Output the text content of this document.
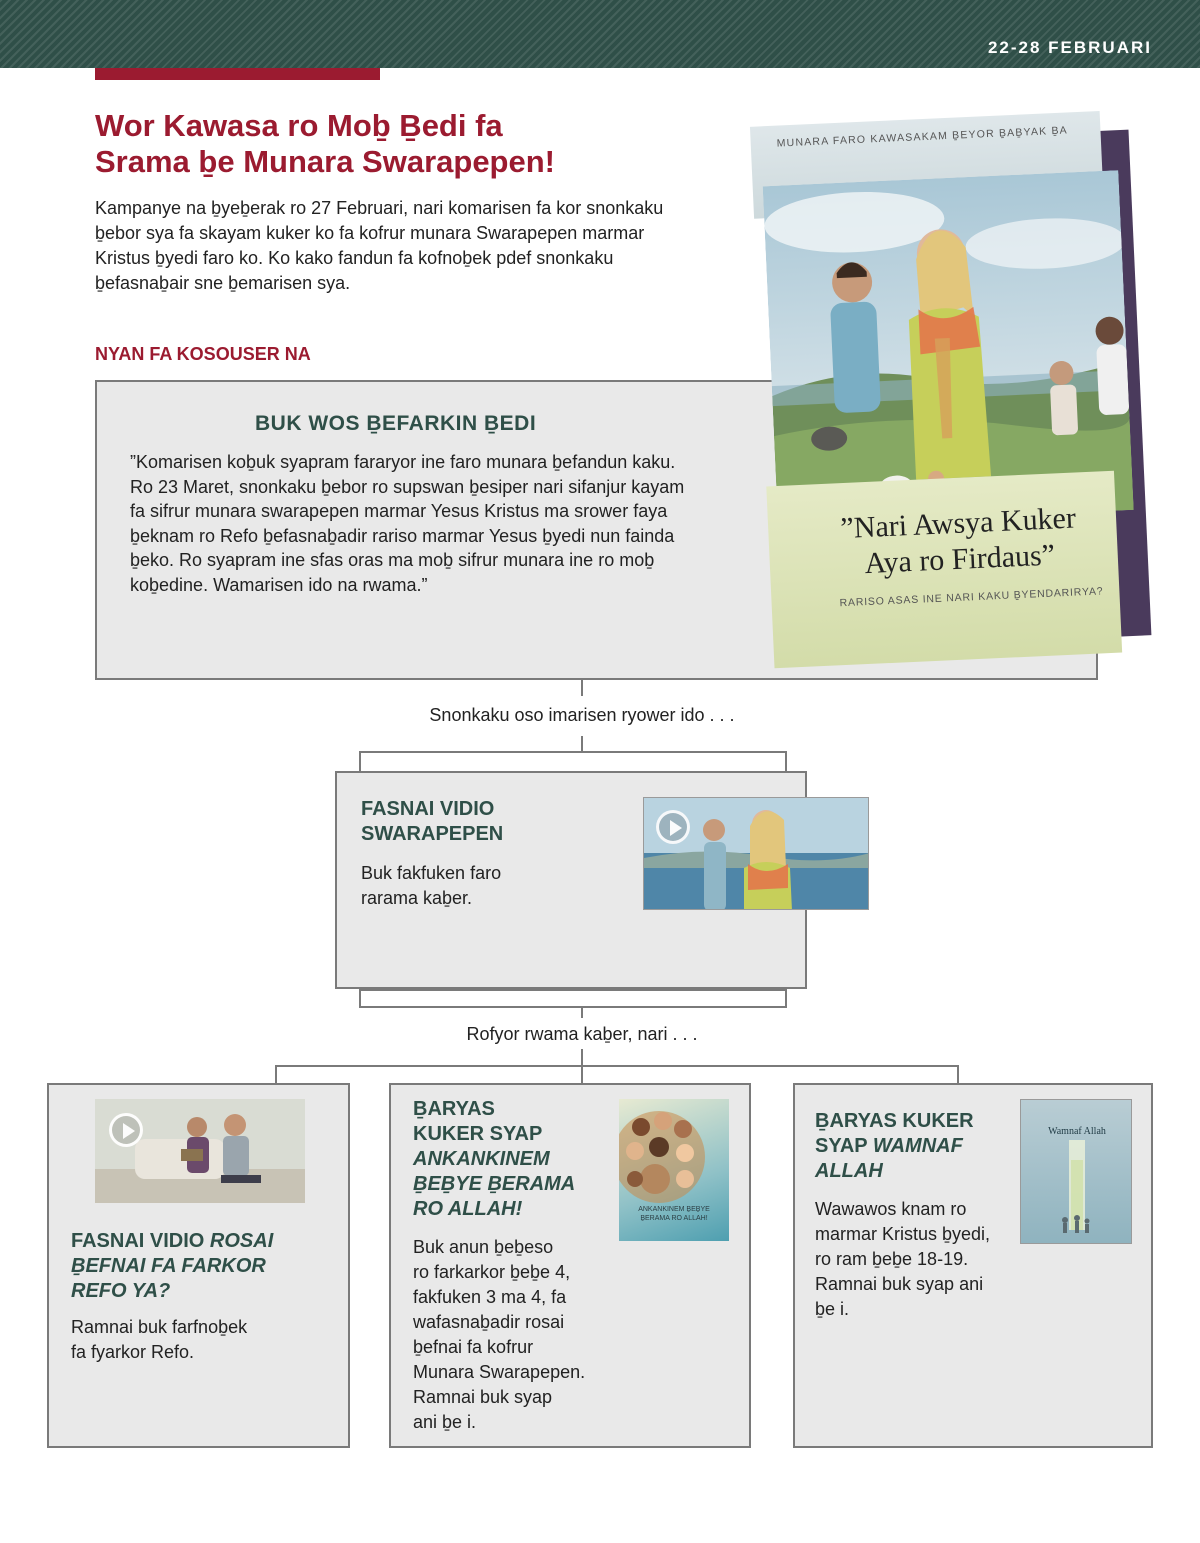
22-28 FEBRUARI
Wor Kawasa ro Moḇ Ḇedi fa
Srama ḇe Munara Swarapepen!
Kampanye na ḇyeḇerak ro 27 Februari, nari komarisen fa kor snonkaku
ḇebor sya fa skayam kuker ko fa kofrur munara Swarapepen marmar
Kristus ḇyedi faro ko. Ko kako fandun fa kofnoḇek pdef snonkaku
ḇefasnaḇair sne ḇemarisen sya.
NYAN FA KOSOUSER NA
BUK WOS ḆEFARKIN ḆEDI
”Komarisen koḇuk syapram fararyor ine faro munara ḇefandun kaku.
Ro 23 Maret, snonkaku ḇebor ro supswan ḇesiper nari sifanjur kayam
fa sifrur munara swarapepen marmar Yesus Kristus ma srower faya
ḇeknam ro Refo ḇefasnaḇadir rariso marmar Yesus ḇyedi nun fainda
ḇeko. Ro syapram ine sfas oras ma moḇ sifrur munara ine ro moḇ
koḇedine. Wamarisen ido na rwama.”
MUNARA FARO KAWASAKAM ḆEYOR ḆAḆYAK ḆA
”Nari Awsya Kuker
Aya ro Firdaus”
RARISO ASAS INE NARI KAKU ḆYENDARIRYA?
Snonkaku oso imarisen ryower ido . . .
FASNAI VIDIO
SWARAPEPEN
Buk fakfuken faro
rarama kaḇer.
Rofyor rwama kaḇer, nari . . .
FASNAI VIDIO ROSAI
ḆEFNAI FA FARKOR
REFO YA?
Ramnai buk farfnoḇek
fa fyarkor Refo.
ḆARYAS
KUKER SYAP
ANKANKINEM
ḆEḆYE ḆERAMA
RO ALLAH!
Buk anun ḇeḇeso
ro farkarkor ḇeḇe 4,
fakfuken 3 ma 4, fa
wafasnaḇadir rosai
ḇefnai fa kofrur
Munara Swarapepen.
Ramnai buk syap
ani ḇe i.
ANKANKINEM ḆEḆYE
ḆERAMA RO ALLAH!
ḆARYAS KUKER
SYAP WAMNAF
ALLAH
Wawawos knam ro
marmar Kristus ḇyedi,
ro ram ḇeḇe 18-19.
Ramnai buk syap ani
ḇe i.
Wamnaf Allah
